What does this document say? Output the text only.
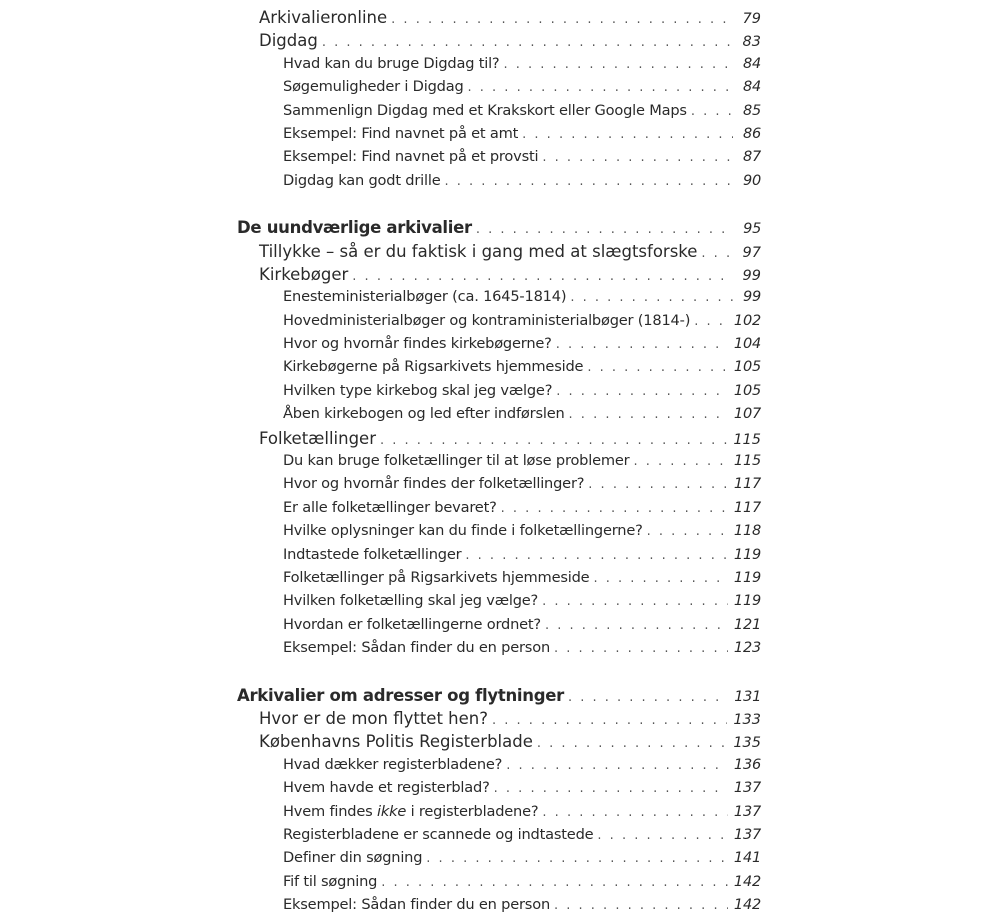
Arkivalieronline . . .	79
Digdag . . .	83
Hvad kan du bruge Digdag til? . . .	84
Søgemuligheder i Digdag . . .	84
Sammenlign Digdag med et Krakskort eller Google Maps . . .	85
Eksempel: Find navnet på et amt . . .	86
Eksempel: Find navnet på et provsti . . .	87
Digdag kan godt drille . . .	90
De uundværlige arkivalier . . .	95
Tillykke – så er du faktisk i gang med at slægtsforske . . .	97
Kirkebøger . . .	99
Enesteministerialbøger (ca. 1645-1814) . . .	99
Hovedministerialbøger og kontraministerialbøger (1814-) . . .	102
Hvor og hvornår findes kirkebøgerne? . . .	104
Kirkebøgerne på Rigsarkivets hjemmeside . . .	105
Hvilken type kirkebog skal jeg vælge? . . .	105
Åben kirkebogen og led efter indførslen . . .	107
Folketællinger . . .	115
Du kan bruge folketællinger til at løse problemer . . .	115
Hvor og hvornår findes der folketællinger? . . .	117
Er alle folketællinger bevaret? . . .	117
Hvilke oplysninger kan du finde i folketællingerne? . . .	118
Indtastede folketællinger . . .	119
Folketællinger på Rigsarkivets hjemmeside . . .	119
Hvilken folketælling skal jeg vælge? . . .	119
Hvordan er folketællingerne ordnet? . . .	121
Eksempel: Sådan finder du en person . . .	123
Arkivalier om adresser og flytninger . . .	131
Hvor er de mon flyttet hen? . . .	133
Københavns Politis Registerblade . . .	135
Hvad dækker registerbladene? . . .	136
Hvem havde et registerblad? . . .	137
Hvem findes ikke i registerbladene? . . .	137
Registerbladene er scannede og indtastede . . .	137
Definer din søgning . . .	141
Fif til søgning . . .	142
Eksempel: Sådan finder du en person . . .	142
